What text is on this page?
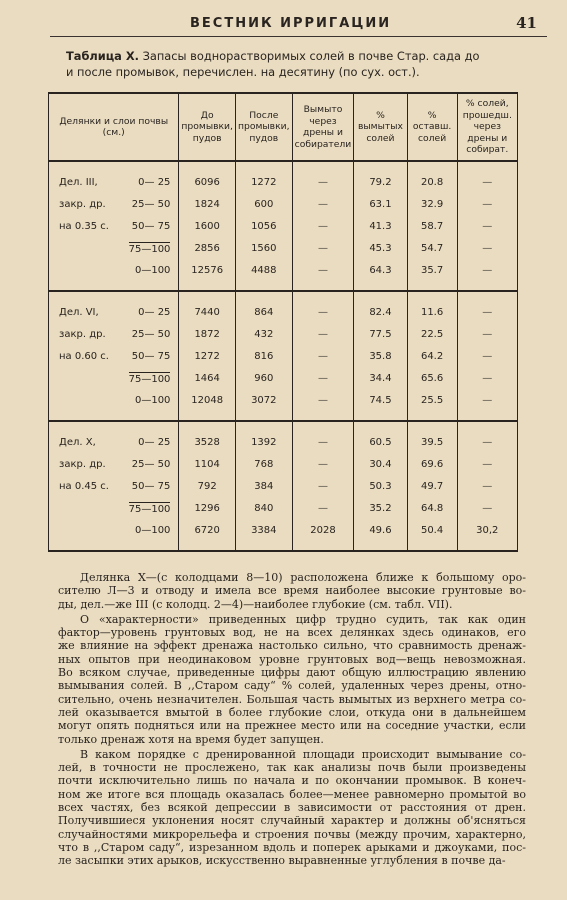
ВЕСТНИК ИРРИГАЦИИ	41
Таблица X. Запасы воднорастворимых солей в почве Стар. сада до
и после промывок, перечислен. на десятину (по сух. ост.).
Делянки и слои почвы (см.)		До промывки, пудов	После промывки, пудов	Вымыто через дрены и собиратели	% вымытых солей	% оставш. солей	% солей, прошедш. через дрены и собират.

Дел. III,	0— 25	6096	1272	—	79.2	20.8	—
закр. др.	25— 50	1824	600	—	63.1	32.9	—
на 0.35 с.	50— 75	1600	1056	—	41.3	58.7	—
	75—100	2856	1560	—	45.3	54.7	—
	0—100	12576	4488	—	64.3	35.7	—

Дел. VI,	0— 25	7440	864	—	82.4	11.6	—
закр. др.	25— 50	1872	432	—	77.5	22.5	—
на 0.60 с.	50— 75	1272	816	—	35.8	64.2	—
	75—100	1464	960	—	34.4	65.6	—
	0—100	12048	3072	—	74.5	25.5	—

Дел. X,	0— 25	3528	1392	—	60.5	39.5	—
закр. др.	25— 50	1104	768	—	30.4	69.6	—
на 0.45 с.	50— 75	792	384	—	50.3	49.7	—
	75—100	1296	840	—	35.2	64.8	—
	0—100	6720	3384	2028	49.6	50.4	30,2

Делянка X—(с колодцами 8—10) расположена ближе к большому оро-
сителю Л—3 и отводу и имела все время наиболее высокие грунтовые во-
ды, дел.—же III (с колодц. 2—4)—наиболее глубокие (см. табл. VII).

О «характерности» приведенных цифр трудно судить, так как один
фактор—уровень грунтовых вод, не на всех делянках здесь одинаков, его
же влияние на эффект дренажа настолько сильно, что сравнимость дренаж-
ных опытов при неодинаковом уровне грунтовых вод—вещь невозможная.
Во всяком случае, приведенные цифры дают общую иллюстрацию явлению
вымывания солей. В ,,Старом саду“ % солей, удаленных через дрены, отно-
сительно, очень незначителен. Большая часть вымытых из верхнего метра со-
лей оказывается вмытой в более глубокие слои, откуда они в дальнейшем
могут опять подняться или на прежнее место или на соседние участки, если
только дренаж хотя на время будет запущен.

В каком порядке с дренированной площади происходит вымывание со-
лей, в точности не прослежено, так как анализы почв были произведены
почти исключительно лишь по начала и по окончании промывок. В конеч-
ном же итоге вся площадь оказалась более—менее равномерно промытой во
всех частях, без всякой депрессии в зависимости от расстояния от дрен.
Получившиеся уклонения носят случайный характер и должны об'ясняться
случайностями микрорельефа и строения почвы (между прочим, характерно,
что в ,,Старом саду“, изрезанном вдоль и поперек арыками и джоуками, пос-
ле засыпки этих арыков, искусственно выравненные углубления в почве да-
